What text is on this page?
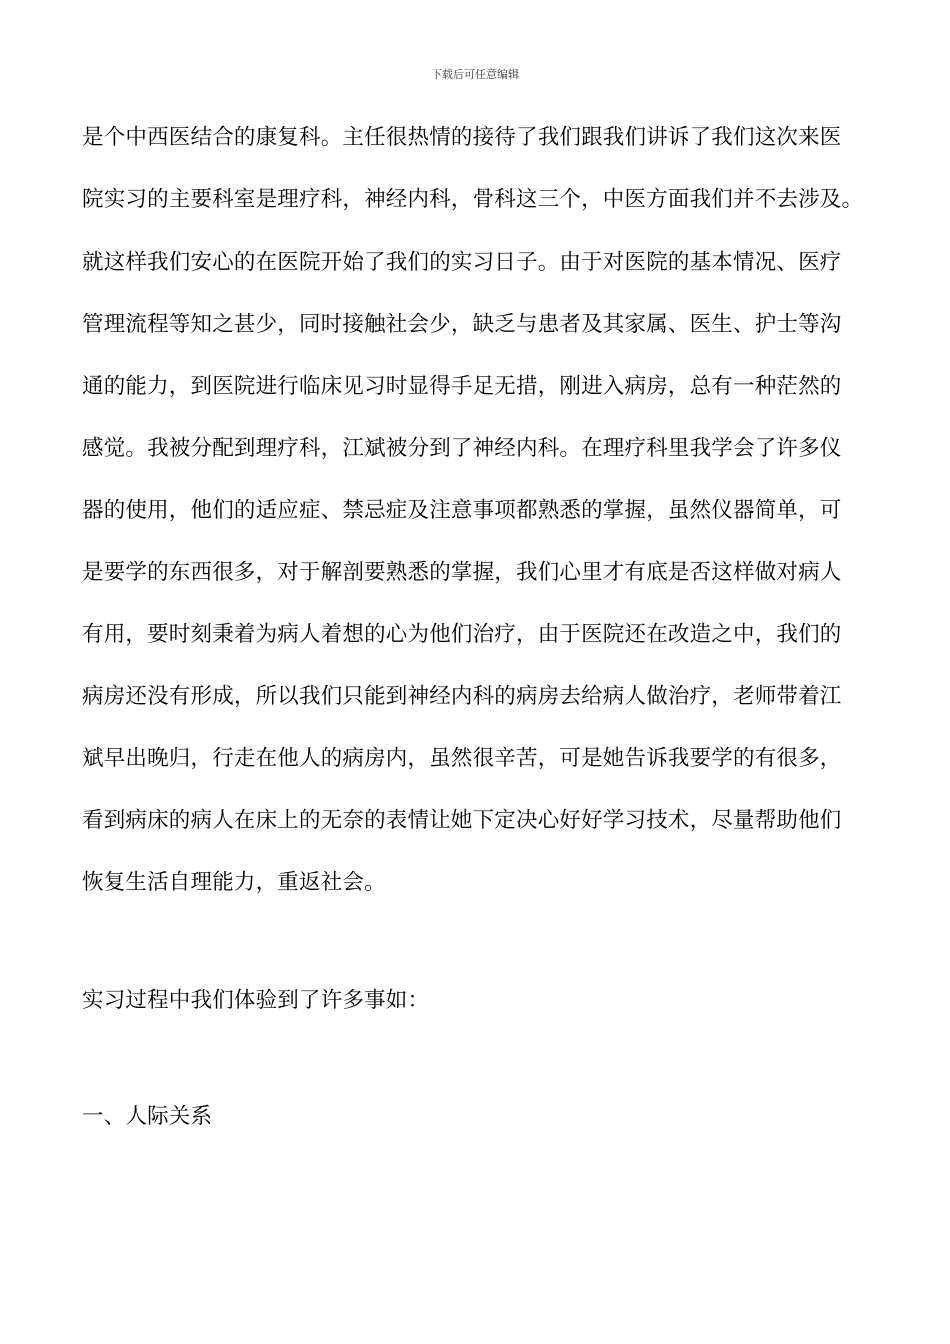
下载后可任意编辑
是个中西医结合的康复科。主任很热情的接待了我们跟我们讲诉了我们这次来医
院实习的主要科室是理疗科，神经内科，骨科这三个，中医方面我们并不去涉及。
就这样我们安心的在医院开始了我们的实习日子。由于对医院的基本情况、医疗
管理流程等知之甚少，同时接触社会少，缺乏与患者及其家属、医生、护士等沟
通的能力，到医院进行临床见习时显得手足无措，刚进入病房，总有一种茫然的
感觉。我被分配到理疗科，江斌被分到了神经内科。在理疗科里我学会了许多仪
器的使用，他们的适应症、禁忌症及注意事项都熟悉的掌握，虽然仪器简单，可
是要学的东西很多，对于解剖要熟悉的掌握，我们心里才有底是否这样做对病人
有用，要时刻秉着为病人着想的心为他们治疗，由于医院还在改造之中，我们的
病房还没有形成，所以我们只能到神经内科的病房去给病人做治疗，老师带着江
斌早出晚归，行走在他人的病房内，虽然很辛苦，可是她告诉我要学的有很多，
看到病床的病人在床上的无奈的表情让她下定决心好好学习技术，尽量帮助他们
恢复生活自理能力，重返社会。
实习过程中我们体验到了许多事如：
一、人际关系
